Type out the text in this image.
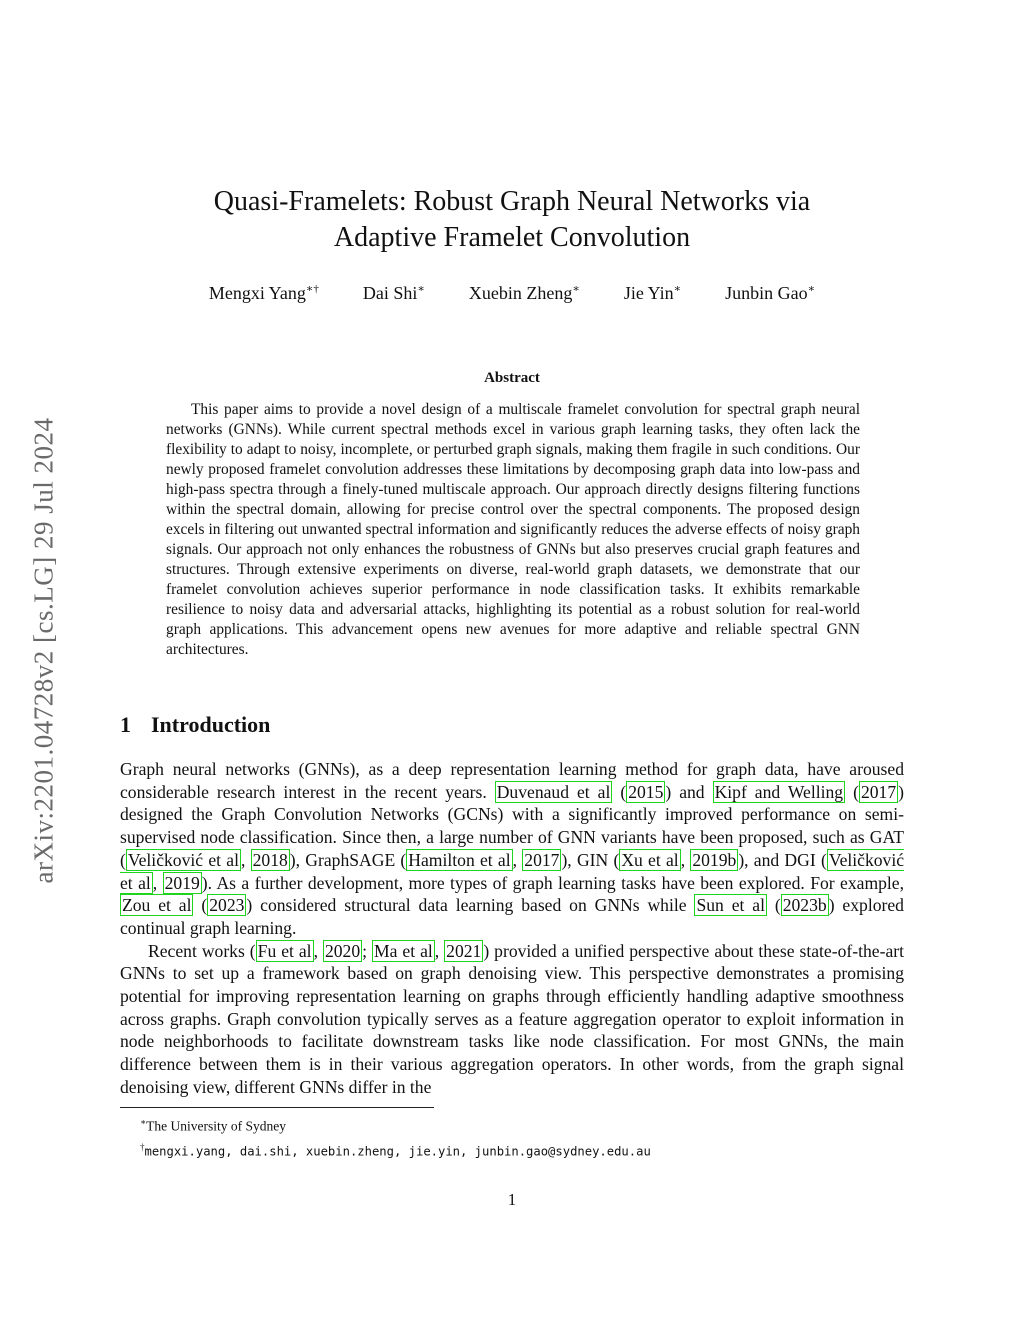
arXiv:2201.04728v2 [cs.LG] 29 Jul 2024
Quasi-Framelets: Robust Graph Neural Networks via
Adaptive Framelet Convolution
Mengxi Yang∗† Dai Shi∗ Xuebin Zheng∗ Jie Yin∗ Junbin Gao∗
Abstract

This paper aims to provide a novel design of a multiscale framelet convolution for spectral graph neural networks (GNNs). While current spectral methods excel in various graph learning tasks, they often lack the flexibility to adapt to noisy, incomplete, or perturbed graph signals, making them fragile in such conditions. Our newly proposed framelet convolution addresses these limitations by decomposing graph data into low-pass and high-pass spectra through a finely-tuned multiscale approach. Our approach directly designs filtering functions within the spectral domain, allowing for precise control over the spectral components. The proposed design excels in filtering out unwanted spectral information and significantly reduces the adverse effects of noisy graph signals. Our approach not only enhances the robustness of GNNs but also preserves crucial graph features and structures. Through extensive experiments on diverse, real-world graph datasets, we demonstrate that our framelet convolution achieves superior performance in node classification tasks. It exhibits remarkable resilience to noisy data and adversarial attacks, highlighting its potential as a robust solution for real-world graph applications. This advancement opens new avenues for more adaptive and reliable spectral GNN architectures.

1 Introduction

Graph neural networks (GNNs), as a deep representation learning method for graph data, have aroused considerable research interest in the recent years. Duvenaud et al ( 2015 ) and Kipf and Welling ( 2017 ) designed the Graph Convolution Networks (GCNs) with a significantly improved performance on semi-supervised node classification. Since then, a large number of GNN variants have been proposed, such as GAT ( Veličković et al , 2018 ), GraphSAGE ( Hamilton et al , 2017 ), GIN ( Xu et al , 2019b ), and DGI ( Veličković et al , 2019 ). As a further development, more types of graph learning tasks have been explored. For example, Zou et al ( 2023 ) considered structural data learning based on GNNs while Sun et al ( 2023b ) explored continual graph learning.

Recent works ( Fu et al , 2020 ; Ma et al , 2021 ) provided a unified perspective about these state-of-the-art GNNs to set up a framework based on graph denoising view. This perspective demonstrates a promising potential for improving representation learning on graphs through efficiently handling adaptive smoothness across graphs. Graph convolution typically serves as a feature aggregation operator to exploit information in node neighborhoods to facilitate downstream tasks like node classification. For most GNNs, the main difference between them is in their various aggregation operators. In other words, from the graph signal denoising view, different GNNs differ in the

∗The University of Sydney
†mengxi.yang, dai.shi, xuebin.zheng, jie.yin, junbin.gao@sydney.edu.au
1
